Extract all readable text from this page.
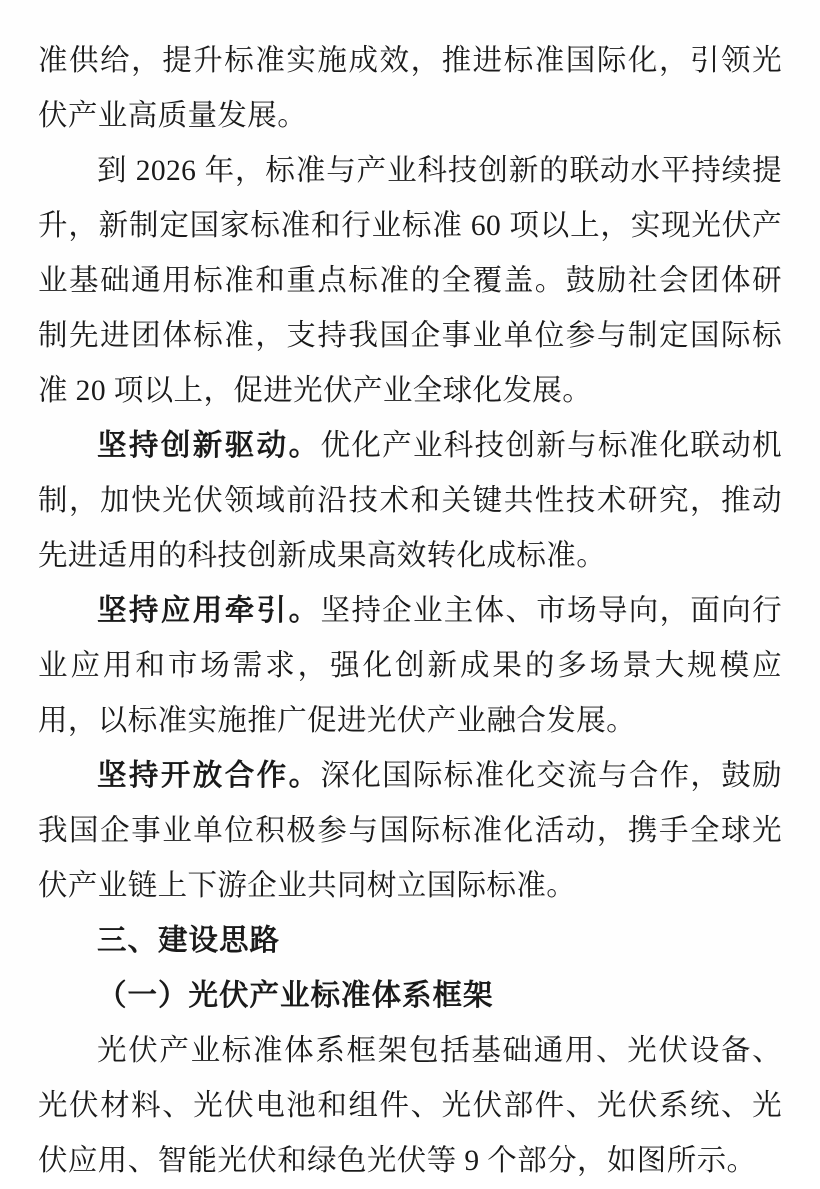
准供给，提升标准实施成效，推进标准国际化，引领光伏产业高质量发展。

到 2026 年，标准与产业科技创新的联动水平持续提升，新制定国家标准和行业标准 60 项以上，实现光伏产业基础通用标准和重点标准的全覆盖。鼓励社会团体研制先进团体标准，支持我国企事业单位参与制定国际标准 20 项以上，促进光伏产业全球化发展。

坚持创新驱动。优化产业科技创新与标准化联动机制，加快光伏领域前沿技术和关键共性技术研究，推动先进适用的科技创新成果高效转化成标准。

坚持应用牵引。坚持企业主体、市场导向，面向行业应用和市场需求，强化创新成果的多场景大规模应用，以标准实施推广促进光伏产业融合发展。

坚持开放合作。深化国际标准化交流与合作，鼓励我国企事业单位积极参与国际标准化活动，携手全球光伏产业链上下游企业共同树立国际标准。

三、建设思路

（一）光伏产业标准体系框架

光伏产业标准体系框架包括基础通用、光伏设备、光伏材料、光伏电池和组件、光伏部件、光伏系统、光伏应用、智能光伏和绿色光伏等 9 个部分，如图所示。
